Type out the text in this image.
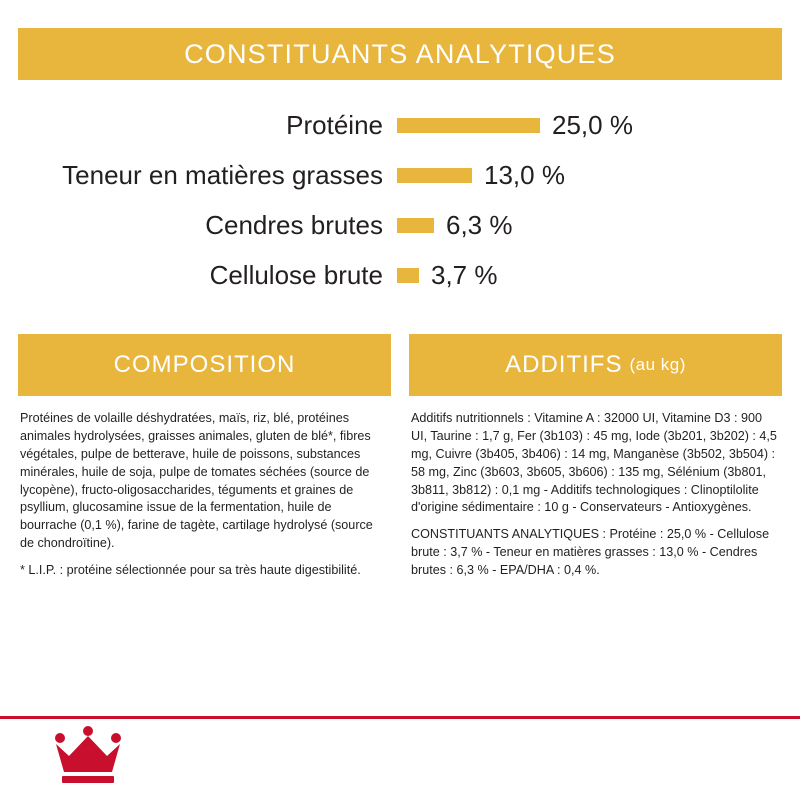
CONSTITUANTS ANALYTIQUES
Protéine	25,0 %
Teneur en matières grasses	13,0 %
Cendres brutes	6,3 %
Cellulose brute	3,7 %
COMPOSITION

Protéines de volaille déshydratées, maïs, riz, blé, protéines animales hydrolysées, graisses animales, gluten de blé*, fibres végétales, pulpe de betterave, huile de poissons, substances minérales, huile de soja, pulpe de tomates séchées (source de lycopène), fructo-oligosaccharides, téguments et graines de psyllium, glucosamine issue de la fermentation, huile de bourrache (0,1 %), farine de tagète, cartilage hydrolysé (source de chondroïtine).

* L.I.P. : protéine sélectionnée pour sa très haute digestibilité.

ADDITIFS (au kg)

Additifs nutritionnels : Vitamine A : 32000 UI, Vitamine D3 : 900 UI, Taurine : 1,7 g, Fer (3b103) : 45 mg, Iode (3b201, 3b202) : 4,5 mg, Cuivre (3b405, 3b406) : 14 mg, Manganèse (3b502, 3b504) : 58 mg, Zinc (3b603, 3b605, 3b606) : 135 mg, Sélénium (3b801, 3b811, 3b812) : 0,1 mg - Additifs technologiques : Clinoptilolite d'origine sédimentaire : 10 g - Conservateurs - Antioxygènes.

CONSTITUANTS ANALYTIQUES : Protéine : 25,0 % - Cellulose brute : 3,7 % - Teneur en matières grasses : 13,0 % - Cendres brutes : 6,3 % - EPA/DHA : 0,4 %.
